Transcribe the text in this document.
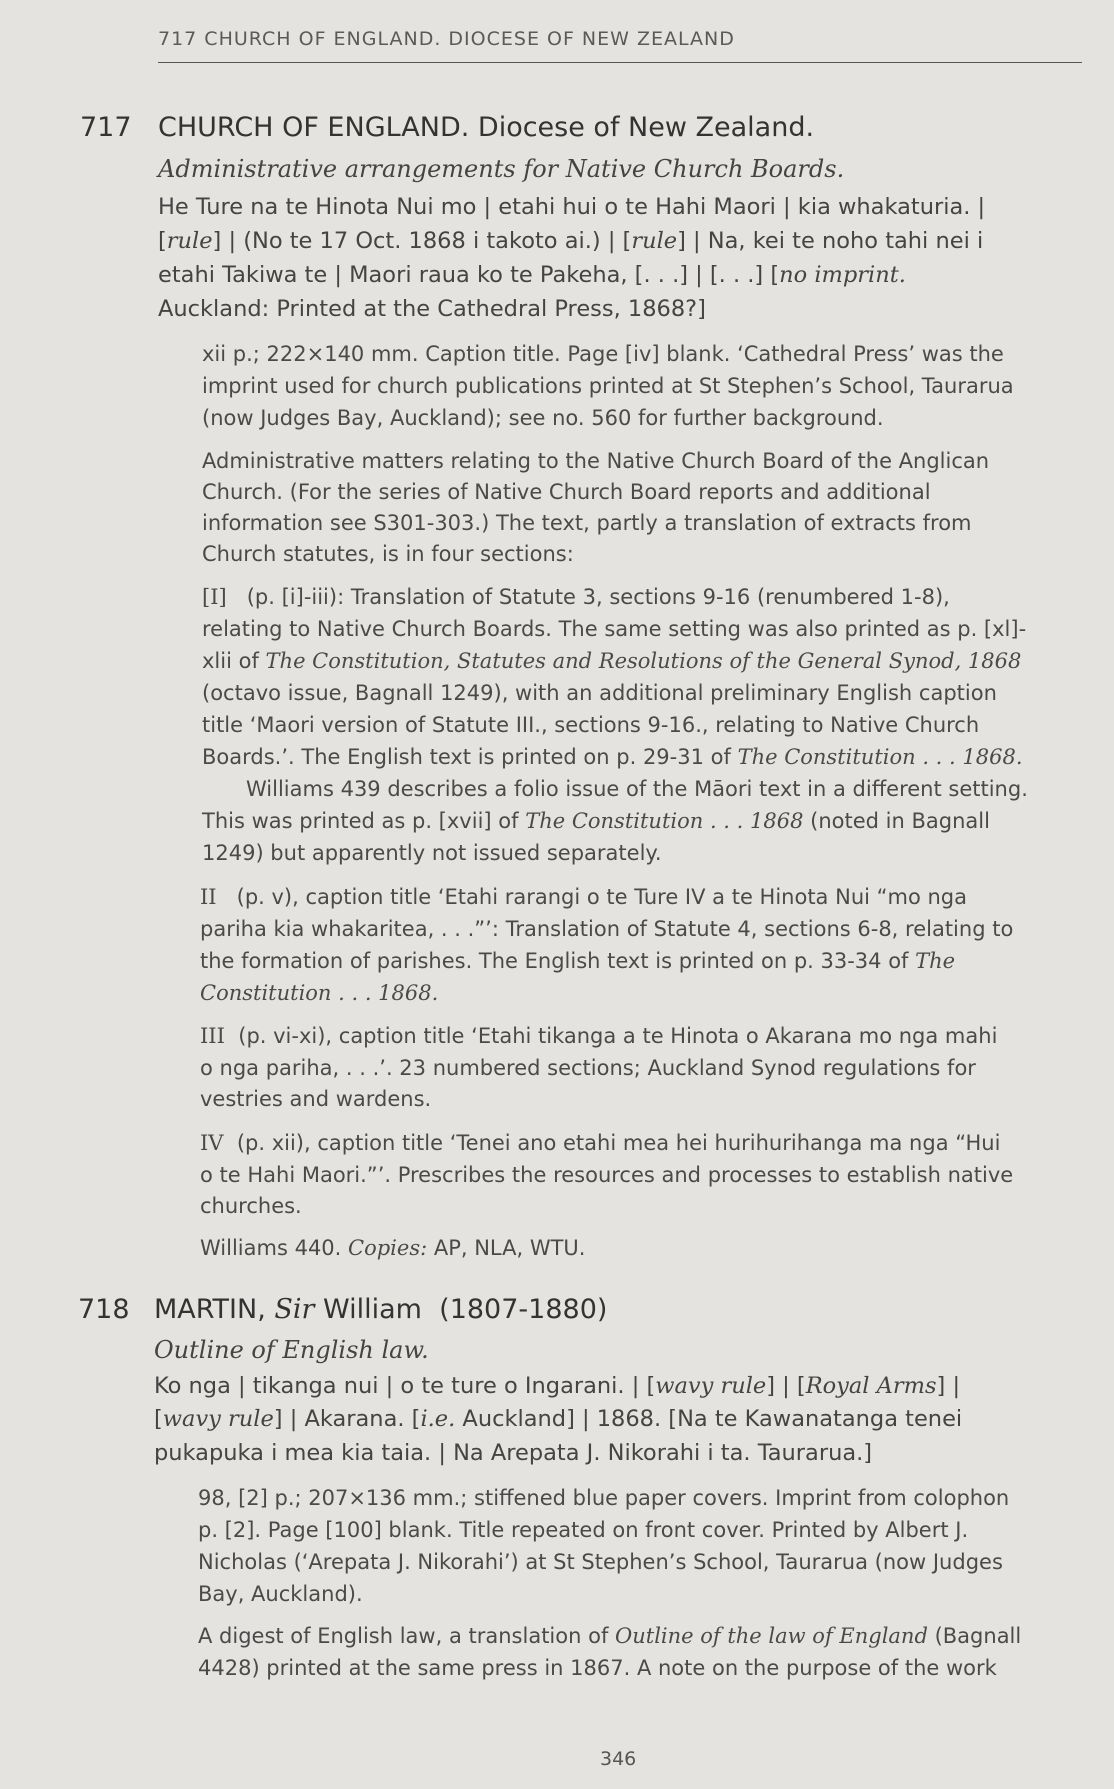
717 CHURCH OF ENGLAND. DIOCESE OF NEW ZEALAND
717 CHURCH OF ENGLAND. Diocese of New Zealand.
Administrative arrangements for Native Church Boards.
He Ture na te Hinota Nui mo | etahi hui o te Hahi Maori | kia whakaturia. |
[rule] | (No te 17 Oct. 1868 i takoto ai.) | [rule] | Na, kei te noho tahi nei i
etahi Takiwa te | Maori raua ko te Pakeha, [. . .] | [. . .] [no imprint.
Auckland: Printed at the Cathedral Press, 1868?]
xii p.; 222×140 mm. Caption title. Page [iv] blank. ‘Cathedral Press’ was the
imprint used for church publications printed at St Stephen’s School, Taurarua
(now Judges Bay, Auckland); see no. 560 for further background.
Administrative matters relating to the Native Church Board of the Anglican
Church. (For the series of Native Church Board reports and additional
information see S301-303.) The text, partly a translation of extracts from
Church statutes, is in four sections:
[I] (p. [i]-iii): Translation of Statute 3, sections 9-16 (renumbered 1-8),
relating to Native Church Boards. The same setting was also printed as p. [xl]-
xlii of The Constitution, Statutes and Resolutions of the General Synod, 1868
(octavo issue, Bagnall 1249), with an additional preliminary English caption
title ‘Maori version of Statute III., sections 9-16., relating to Native Church
Boards.’. The English text is printed on p. 29-31 of The Constitution . . . 1868.
Williams 439 describes a folio issue of the Māori text in a different setting.
This was printed as p. [xvii] of The Constitution . . . 1868 (noted in Bagnall
1249) but apparently not issued separately.
II (p. v), caption title ‘Etahi rarangi o te Ture IV a te Hinota Nui “mo nga
pariha kia whakaritea, . . .”’: Translation of Statute 4, sections 6-8, relating to
the formation of parishes. The English text is printed on p. 33-34 of The
Constitution . . . 1868.
III (p. vi-xi), caption title ‘Etahi tikanga a te Hinota o Akarana mo nga mahi
o nga pariha, . . .’. 23 numbered sections; Auckland Synod regulations for
vestries and wardens.
IV (p. xii), caption title ‘Tenei ano etahi mea hei hurihurihanga ma nga “Hui
o te Hahi Maori.”’. Prescribes the resources and processes to establish native
churches.
Williams 440. Copies: AP, NLA, WTU.
718 MARTIN, Sir William (1807-1880)
Outline of English law.
Ko nga | tikanga nui | o te ture o Ingarani. | [wavy rule] | [Royal Arms] |
[wavy rule] | Akarana. [i.e. Auckland] | 1868. [Na te Kawanatanga tenei
pukapuka i mea kia taia. | Na Arepata J. Nikorahi i ta. Taurarua.]
98, [2] p.; 207×136 mm.; stiffened blue paper covers. Imprint from colophon
p. [2]. Page [100] blank. Title repeated on front cover. Printed by Albert J.
Nicholas (‘Arepata J. Nikorahi’) at St Stephen’s School, Taurarua (now Judges
Bay, Auckland).
A digest of English law, a translation of Outline of the law of England (Bagnall
4428) printed at the same press in 1867. A note on the purpose of the work
346
